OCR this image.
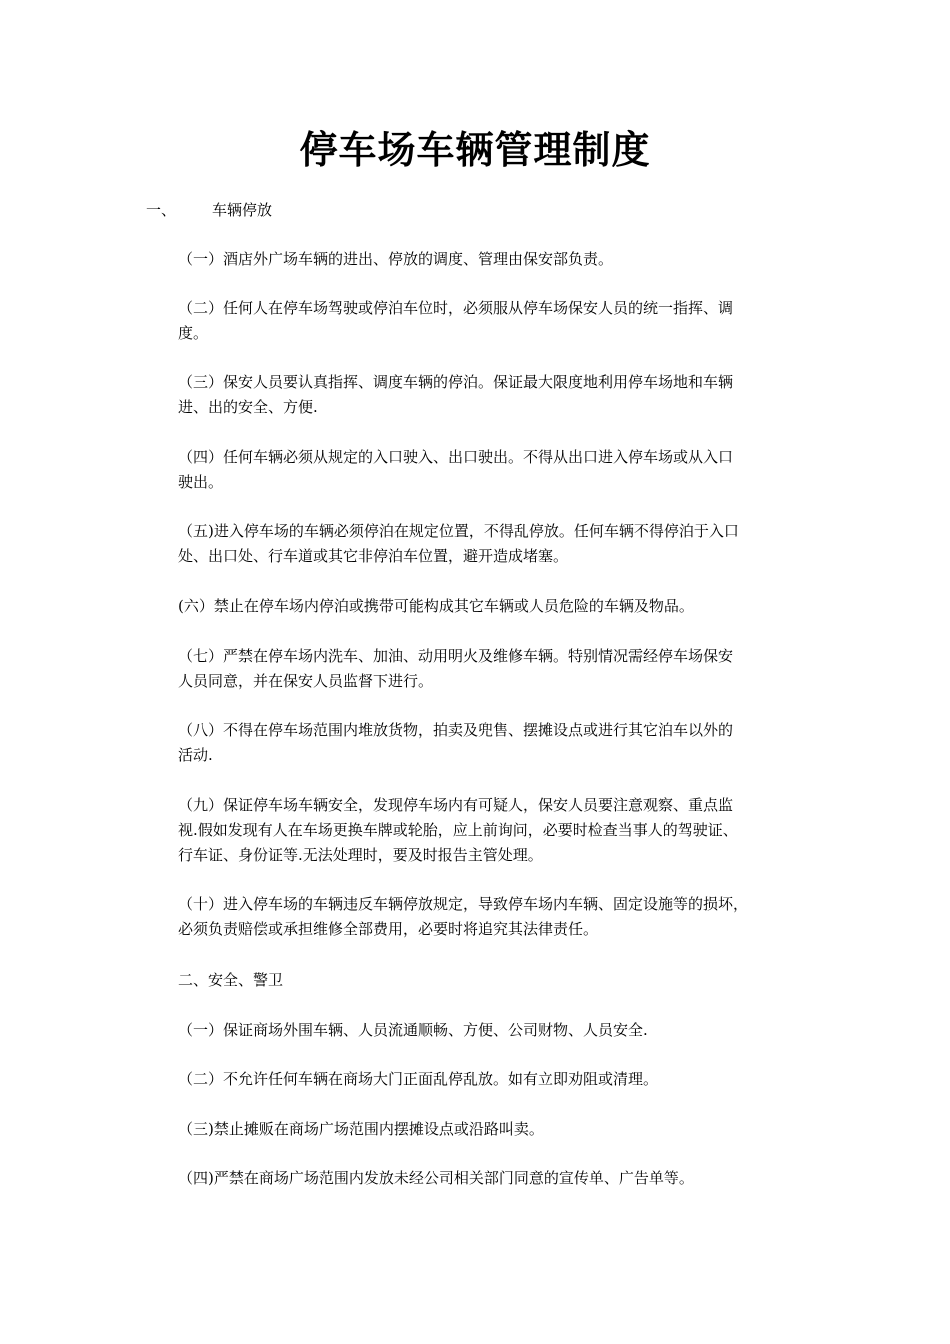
停车场车辆管理制度
一、 车辆停放
（一）酒店外广场车辆的进出、停放的调度、管理由保安部负责。
（二）任何人在停车场驾驶或停泊车位时，必须服从停车场保安人员的统一指挥、调
度。
（三）保安人员要认真指挥、调度车辆的停泊。保证最大限度地利用停车场地和车辆
进、出的安全、方便.
（四）任何车辆必须从规定的入口驶入、出口驶出。不得从出口进入停车场或从入口
驶出。
（五)进入停车场的车辆必须停泊在规定位置，不得乱停放。任何车辆不得停泊于入口
处、出口处、行车道或其它非停泊车位置，避开造成堵塞。
(六）禁止在停车场内停泊或携带可能构成其它车辆或人员危险的车辆及物品。
（七）严禁在停车场内洗车、加油、动用明火及维修车辆。特别情况需经停车场保安
人员同意，并在保安人员监督下进行。
（八）不得在停车场范围内堆放货物，拍卖及兜售、摆摊设点或进行其它泊车以外的
活动.
（九）保证停车场车辆安全，发现停车场内有可疑人，保安人员要注意观察、重点监
视.假如发现有人在车场更换车牌或轮胎，应上前询问，必要时检查当事人的驾驶证、
行车证、身份证等.无法处理时，要及时报告主管处理。
（十）进入停车场的车辆违反车辆停放规定，导致停车场内车辆、固定设施等的损坏，
必须负责赔偿或承担维修全部费用，必要时将追究其法律责任。
二、安全、警卫
（一）保证商场外围车辆、人员流通顺畅、方便、公司财物、人员安全.
（二）不允许任何车辆在商场大门正面乱停乱放。如有立即劝阻或清理。
（三)禁止摊贩在商场广场范围内摆摊设点或沿路叫卖。
（四)严禁在商场广场范围内发放未经公司相关部门同意的宣传单、广告单等。
